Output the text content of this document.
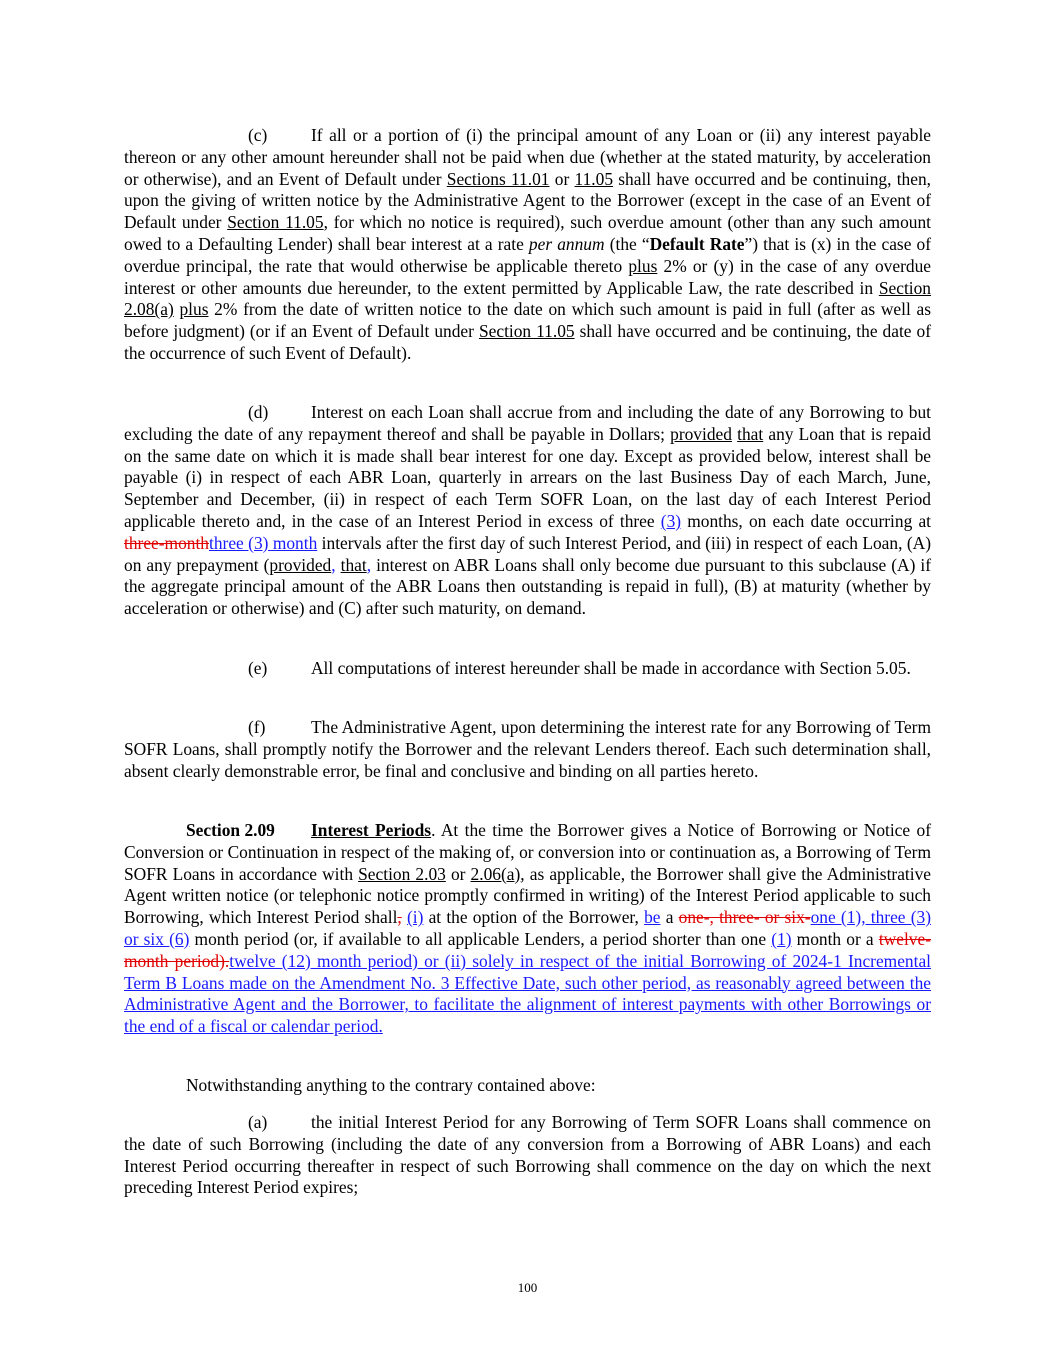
(c)	If all or a portion of (i) the principal amount of any Loan or (ii) any interest payable thereon or any other amount hereunder shall not be paid when due (whether at the stated maturity, by acceleration or otherwise), and an Event of Default under Sections 11.01 or 11.05 shall have occurred and be continuing, then, upon the giving of written notice by the Administrative Agent to the Borrower (except in the case of an Event of Default under Section 11.05, for which no notice is required), such overdue amount (other than any such amount owed to a Defaulting Lender) shall bear interest at a rate per annum (the “Default Rate”) that is (x) in the case of overdue principal, the rate that would otherwise be applicable thereto plus 2% or (y) in the case of any overdue interest or other amounts due hereunder, to the extent permitted by Applicable Law, the rate described in Section 2.08(a) plus 2% from the date of written notice to the date on which such amount is paid in full (after as well as before judgment) (or if an Event of Default under Section 11.05 shall have occurred and be continuing, the date of the occurrence of such Event of Default).

(d) Interest on each Loan shall accrue from and including the date of any Borrowing to but excluding the date of any repayment thereof and shall be payable in Dollars; provided that any Loan that is repaid on the same date on which it is made shall bear interest for one day. Except as provided below, interest shall be payable (i) in respect of each ABR Loan, quarterly in arrears on the last Business Day of each March, June, September and December, (ii) in respect of each Term SOFR Loan, on the last day of each Interest Period applicable thereto and, in the case of an Interest Period in excess of three (3) months, on each date occurring at three-monththree (3) month intervals after the first day of such Interest Period, and (iii) in respect of each Loan, (A) on any prepayment (provided, that, interest on ABR Loans shall only become due pursuant to this subclause (A) if the aggregate principal amount of the ABR Loans then outstanding is repaid in full), (B) at maturity (whether by acceleration or otherwise) and (C) after such maturity, on demand.

(e)	All computations of interest hereunder shall be made in accordance with Section 5.05.

(f)	The Administrative Agent, upon determining the interest rate for any Borrowing of Term SOFR Loans, shall promptly notify the Borrower and the relevant Lenders thereof. Each such determination shall, absent clearly demonstrable error, be final and conclusive and binding on all parties hereto.

Section 2.09 Interest Periods. At the time the Borrower gives a Notice of Borrowing or Notice of Conversion or Continuation in respect of the making of, or conversion into or continuation as, a Borrowing of Term SOFR Loans in accordance with Section 2.03 or 2.06(a), as applicable, the Borrower shall give the Administrative Agent written notice (or telephonic notice promptly confirmed in writing) of the Interest Period applicable to such Borrowing, which Interest Period shall, (i) at the option of the Borrower, be a one-, three- or six-one (1), three (3) or six (6) month period (or, if available to all applicable Lenders, a period shorter than one (1) month or a twelve-month period).twelve (12) month period) or (ii) solely in respect of the initial Borrowing of 2024-1 Incremental Term B Loans made on the Amendment No. 3 Effective Date, such other period, as reasonably agreed between the Administrative Agent and the Borrower, to facilitate the alignment of interest payments with other Borrowings or the end of a fiscal or calendar period.

Notwithstanding anything to the contrary contained above:

(a)	the initial Interest Period for any Borrowing of Term SOFR Loans shall commence on the date of such Borrowing (including the date of any conversion from a Borrowing of ABR Loans) and each Interest Period occurring thereafter in respect of such Borrowing shall commence on the day on which the next preceding Interest Period expires;

100
